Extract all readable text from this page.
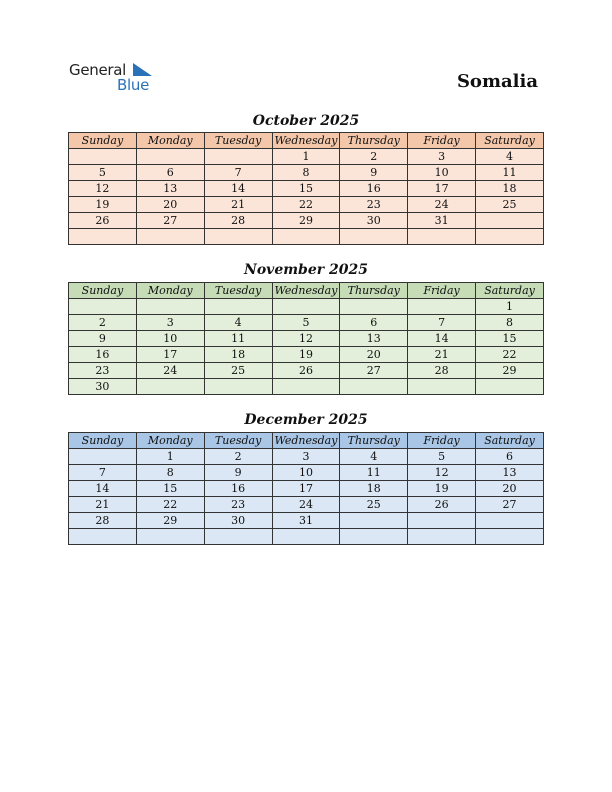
General
Blue	Somalia
October 2025
Sunday	Monday	Tuesday	Wednesday	Thursday	Friday	Saturday
			1	2	3	4
5	6	7	8	9	10	11
12	13	14	15	16	17	18
19	20	21	22	23	24	25
26	27	28	29	30	31	

November 2025
Sunday	Monday	Tuesday	Wednesday	Thursday	Friday	Saturday
						1
2	3	4	5	6	7	8
9	10	11	12	13	14	15
16	17	18	19	20	21	22
23	24	25	26	27	28	29
30						
December 2025
Sunday	Monday	Tuesday	Wednesday	Thursday	Friday	Saturday
	1	2	3	4	5	6
7	8	9	10	11	12	13
14	15	16	17	18	19	20
21	22	23	24	25	26	27
28	29	30	31			
